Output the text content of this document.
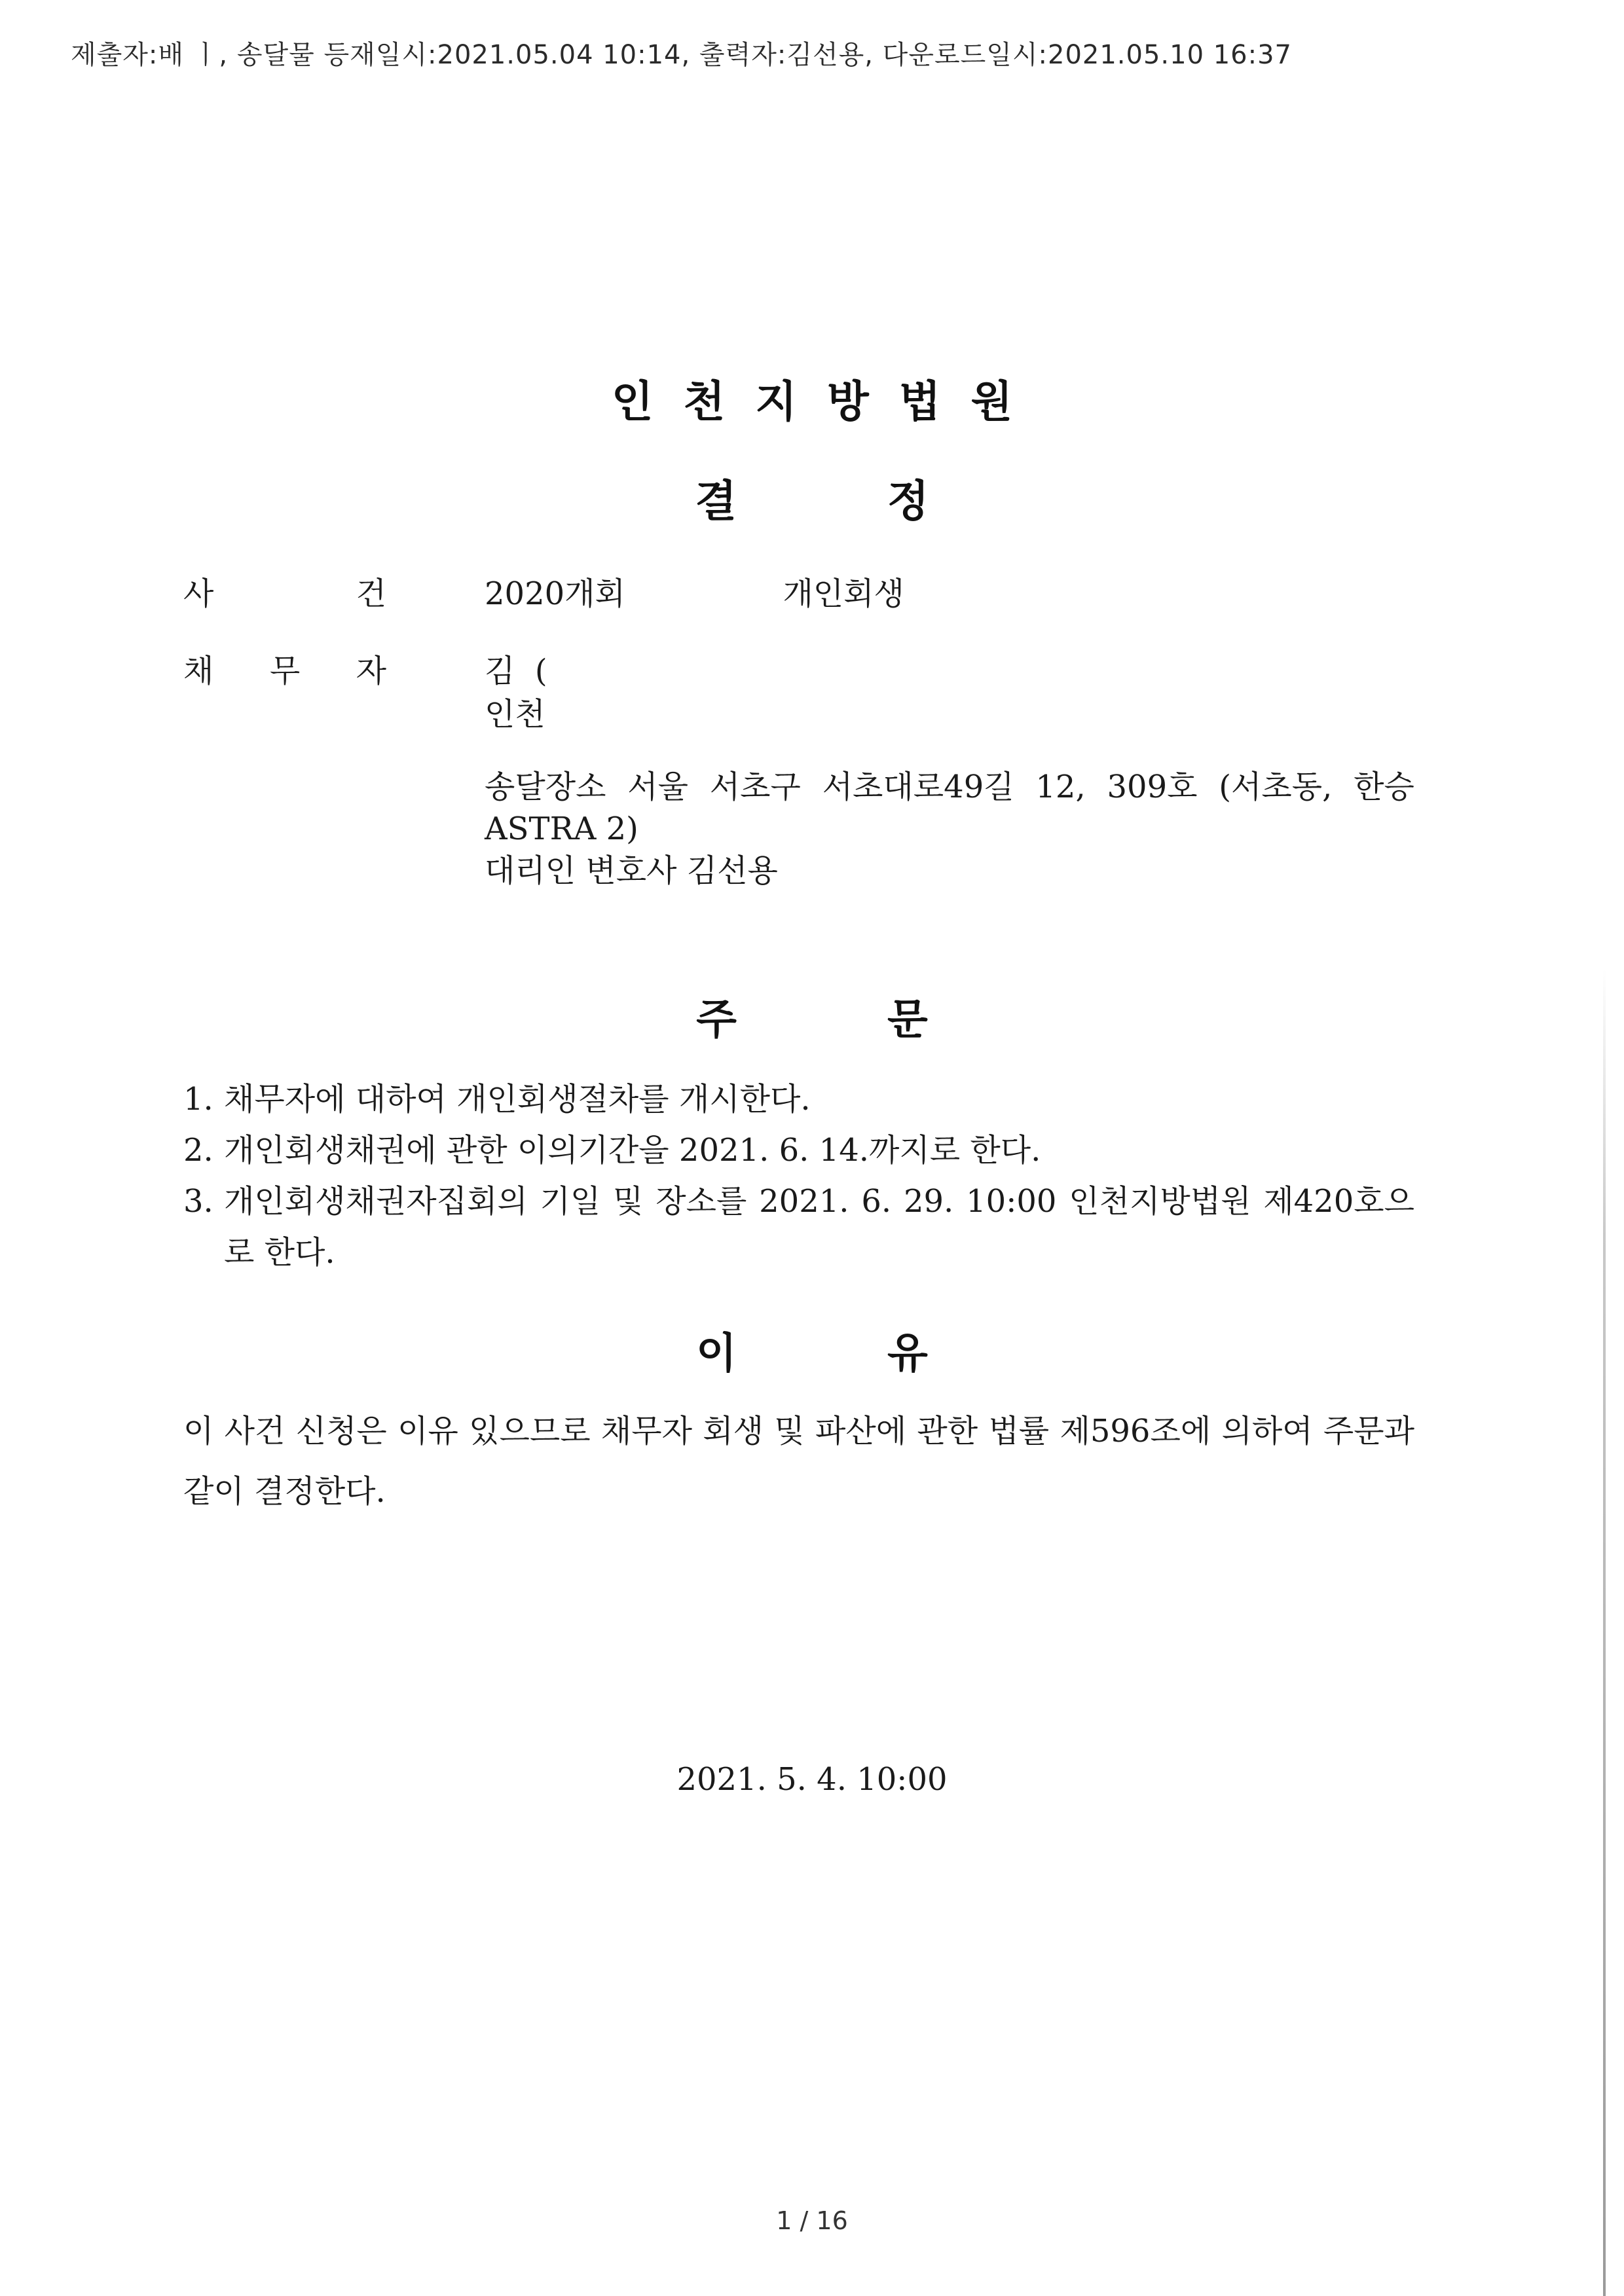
제출자:배 ㅣ, 송달물 등재일시:2021.05.04 10:14, 출력자:김선용, 다운로드일시:2021.05.10 16:37
인천지방법원
결          정
사	건	2020개회	개인회생
채 무 자	김  (
인천
송달장소 서울 서초구 서초대로49길 12, 309호 (서초동, 한승
ASTRA 2)
대리인 변호사 김선용
주	문
1. 채무자에 대하여 개인회생절차를 개시한다.
2. 개인회생채권에 관한 이의기간을 2021. 6. 14.까지로 한다.
3. 개인회생채권자집회의 기일 및 장소를 2021. 6. 29. 10:00 인천지방법원 제420호으로 한다.
이	유
이 사건 신청은 이유 있으므로 채무자 회생 및 파산에 관한 법률 제596조에 의하여 주문과 같이 결정한다.
2021. 5. 4. 10:00
1 / 16
